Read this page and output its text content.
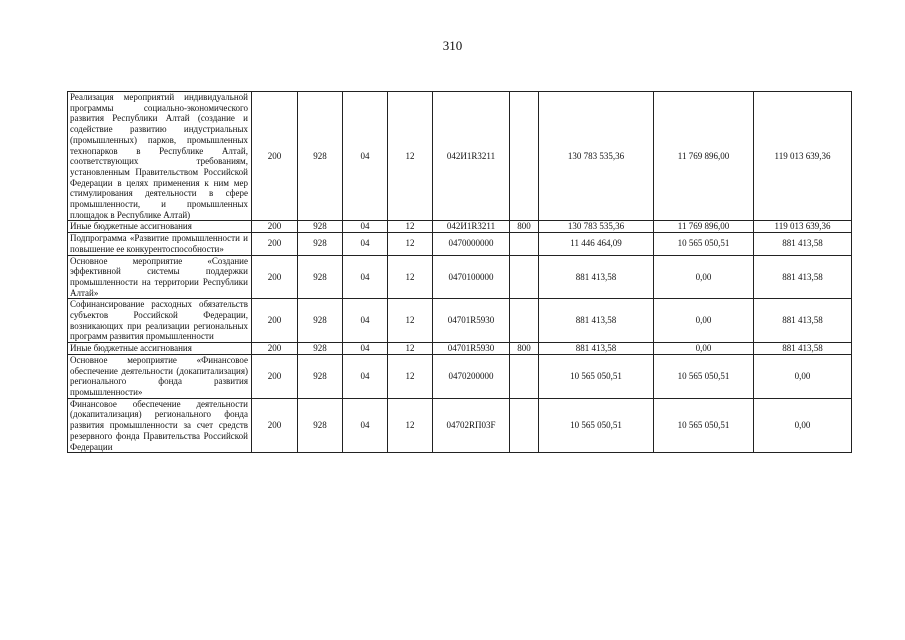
310
Реализация мероприятий индивидуальной программы социально-экономического развития Республики Алтай (создание и содействие развитию индустриальных (промышленных) парков, промышленных технопарков в Республике Алтай, соответствующих требованиям, установленным Правительством Российской Федерации в целях применения к ним мер стимулирования деятельности в сфере промышленности, и промышленных площадок в Республике Алтай)	200	928	04	12	042И1R3211		130 783 535,36	11 769 896,00	119 013 639,36
Иные бюджетные ассигнования	200	928	04	12	042И1R3211	800	130 783 535,36	11 769 896,00	119 013 639,36
Подпрограмма «Развитие промышленности и повышение ее конкурентоспособности»	200	928	04	12	0470000000		11 446 464,09	10 565 050,51	881 413,58
Основное мероприятие «Создание эффективной системы поддержки промышленности на территории Республики Алтай»	200	928	04	12	0470100000		881 413,58	0,00	881 413,58
Софинансирование расходных обязательств субъектов Российской Федерации, возникающих при реализации региональных программ развития промышленности	200	928	04	12	04701R5930		881 413,58	0,00	881 413,58
Иные бюджетные ассигнования	200	928	04	12	04701R5930	800	881 413,58	0,00	881 413,58
Основное мероприятие «Финансовое обеспечение деятельности (докапитализация) регионального фонда развития промышленности»	200	928	04	12	0470200000		10 565 050,51	10 565 050,51	0,00
Финансовое обеспечение деятельности (докапитализация) регионального фонда развития промышленности за счет средств резервного фонда Правительства Российской Федерации	200	928	04	12	04702RП03F		10 565 050,51	10 565 050,51	0,00
